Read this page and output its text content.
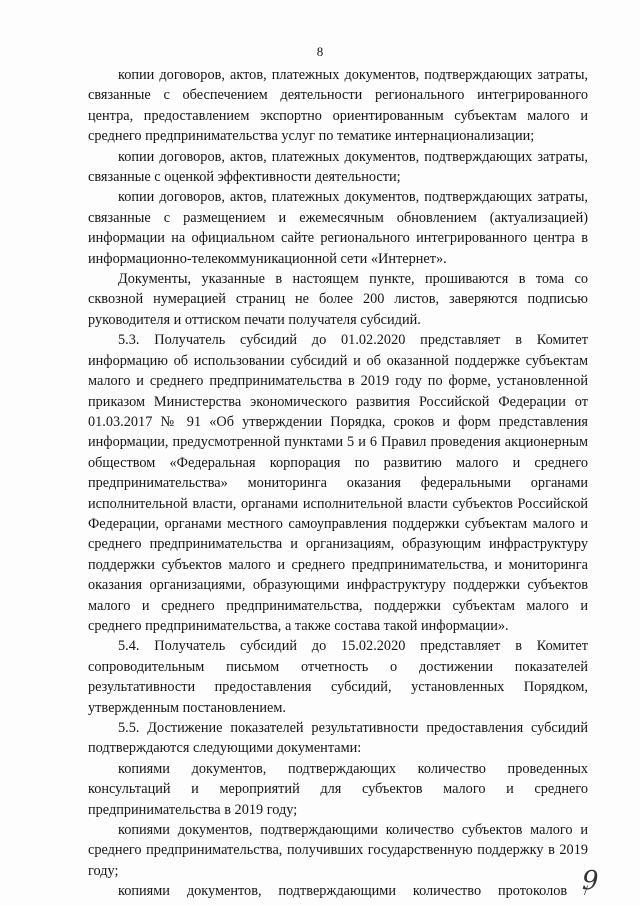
8

копии договоров, актов, платежных документов, подтверждающих затраты, связанные с обеспечением деятельности регионального интегрированного центра, предоставлением экспортно ориентированным субъектам малого и среднего предпринимательства услуг по тематике интернационализации;

копии договоров, актов, платежных документов, подтверждающих затраты, связанные с оценкой эффективности деятельности;

копии договоров, актов, платежных документов, подтверждающих затраты, связанные с размещением и ежемесячным обновлением (актуализацией) информации на официальном сайте регионального интегрированного центра в информационно-телекоммуникационной сети «Интернет».

Документы, указанные в настоящем пункте, прошиваются в тома со сквозной нумерацией страниц не более 200 листов, заверяются подписью руководителя и оттиском печати получателя субсидий.

5.3. Получатель субсидий до 01.02.2020 представляет в Комитет информацию об использовании субсидий и об оказанной поддержке субъектам малого и среднего предпринимательства в 2019 году по форме, установленной приказом Министерства экономического развития Российской Федерации от 01.03.2017 № 91 «Об утверждении Порядка, сроков и форм представления информации, предусмотренной пунктами 5 и 6 Правил проведения акционерным обществом «Федеральная корпорация по развитию малого и среднего предпринимательства» мониторинга оказания федеральными органами исполнительной власти, органами исполнительной власти субъектов Российской Федерации, органами местного самоуправления поддержки субъектам малого и среднего предпринимательства и организациям, образующим инфраструктуру поддержки субъектов малого и среднего предпринимательства, и мониторинга оказания организациями, образующими инфраструктуру поддержки субъектов малого и среднего предпринимательства, поддержки субъектам малого и среднего предпринимательства, а также состава такой информации».

5.4. Получатель субсидий до 15.02.2020 представляет в Комитет сопроводительным письмом отчетность о достижении показателей результативности предоставления субсидий, установленных Порядком, утвержденным постановлением.

5.5. Достижение показателей результативности предоставления субсидий подтверждаются следующими документами:

копиями документов, подтверждающих количество проведенных консультаций и мероприятий для субъектов малого и среднего предпринимательства в 2019 году;

копиями документов, подтверждающими количество субъектов малого и среднего предпринимательства, получивших государственную поддержку в 2019 году;

копиями документов, подтверждающими количество протоколов /

9
